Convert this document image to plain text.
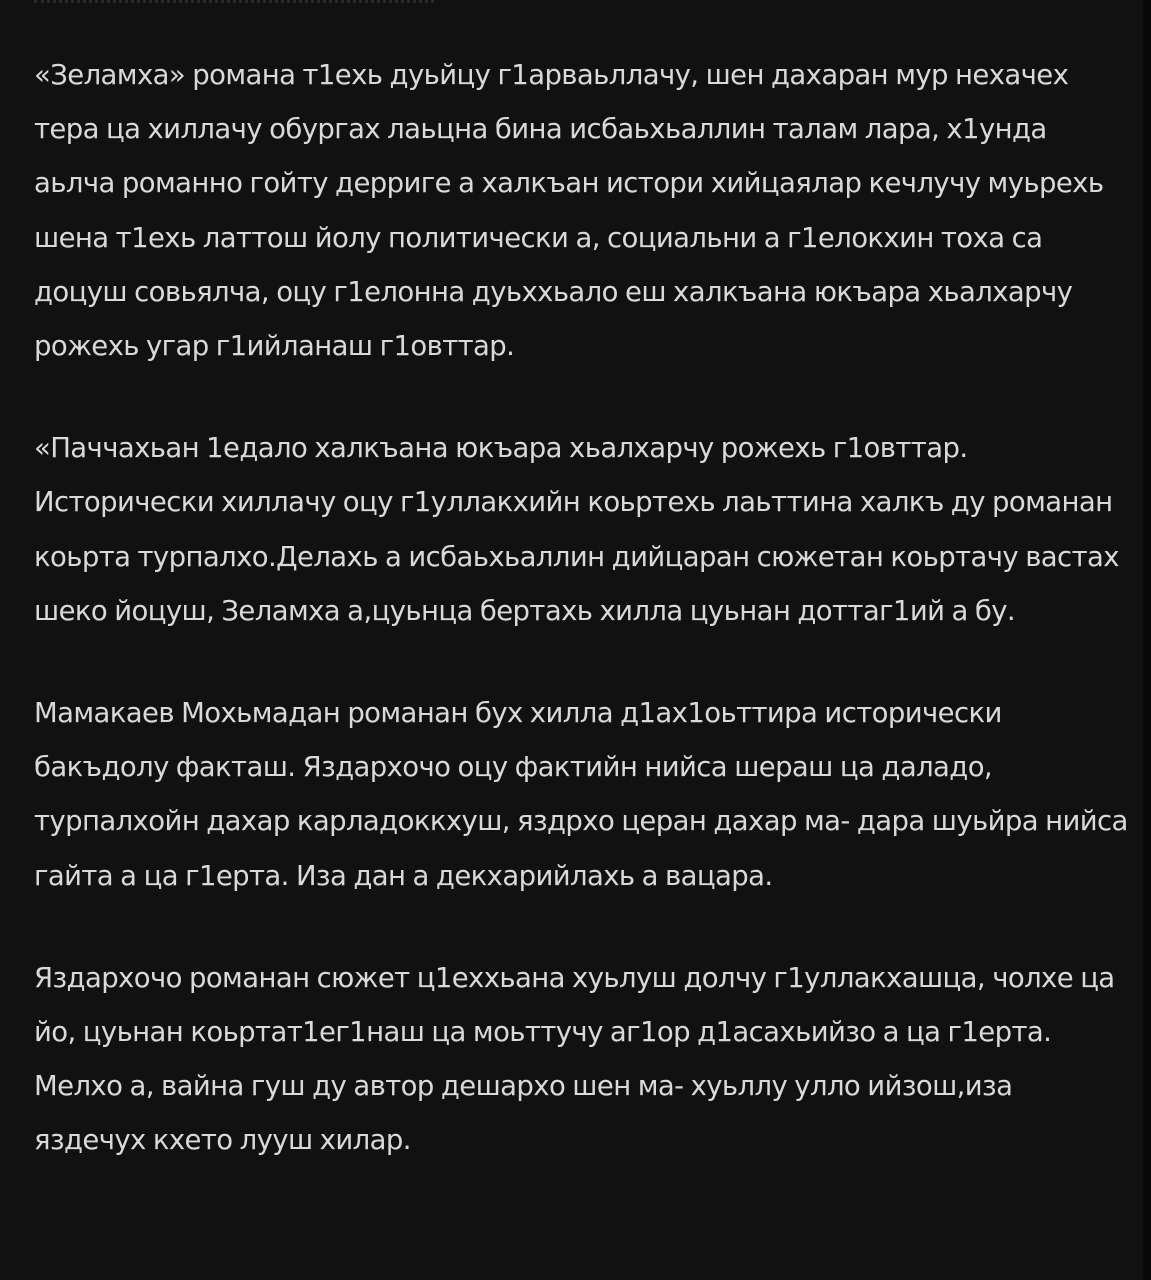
«Зеламха» романа т1ехь дуьйцу г1арваьллачу, шен дахаран мур нехачех тера ца хиллачу обургах лаьцна бина исбаьхьаллин талам лара, х1унда аьлча романно гойту дерриге а халкъан истори хийцаялар кечлучу муьрехь шена т1ехь латтош йолу политически а, социальни а г1елокхин тоха са доцуш совьялча, оцу г1елонна дуьххьало еш халкъана юкъара хьалхарчу рожехь угар г1ийланаш г1овттар.

«Паччахьан 1едало халкъана юкъара хьалхарчу рожехь г1овттар. Исторически хиллачу оцу г1уллакхийн коьртехь лаьттина халкъ ду романан коьрта турпалхо.Делахь а исбаьхьаллин дийцаран сюжетан коьртачу вастах шеко йоцуш, Зеламха а,цуьнца бертахь хилла цуьнан доттаг1ий а бу.

Мамакаев Мохьмадан романан бух хилла д1ах1оьттира исторически бакъдолу факташ. Яздархочо оцу фактийн нийса шераш ца даладо, турпалхойн дахар карладоккхуш, яздрхо церан дахар ма- дара шуьйра нийса гайта а ца г1ерта. Иза дан а декхарийлахь а вацара.

Яздархочо романан сюжет ц1еххьана хуьлуш долчу г1уллакхашца, чолхе ца йо, цуьнан коьртат1ег1наш ца моьттучу аг1ор д1асахьийзо а ца г1ерта. Мелхо а, вайна гуш ду автор дешархо шен ма- хуьллу улло ийзош,иза яздечух кхето лууш хилар.
